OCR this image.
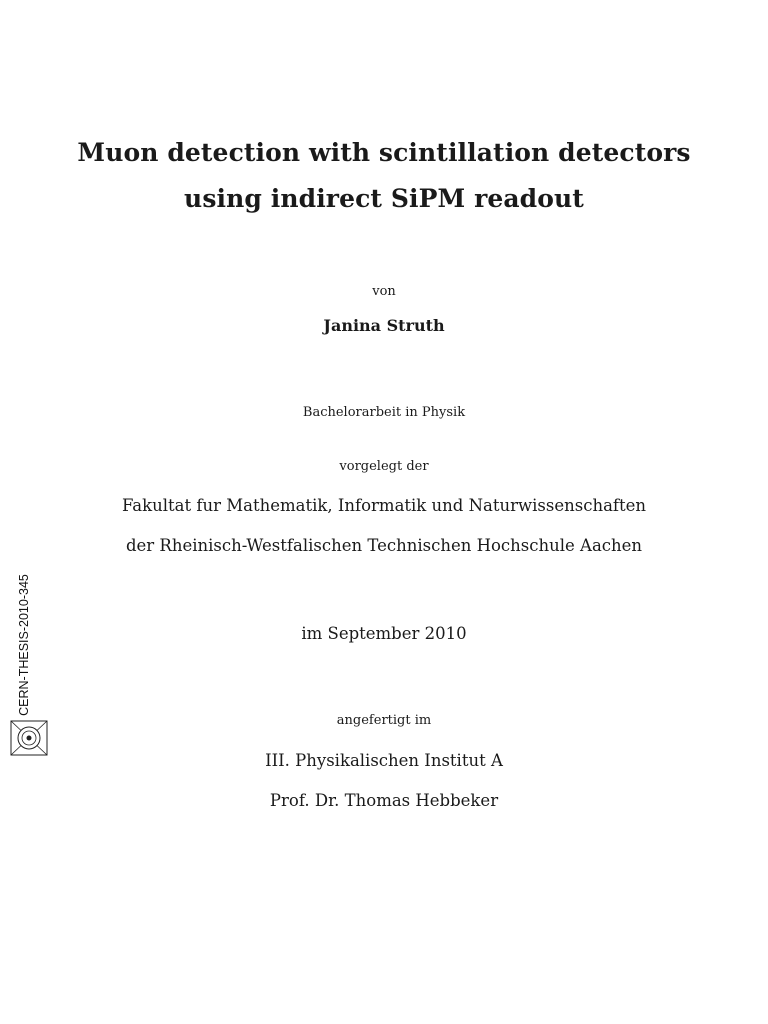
Muon detection with scintillation detectors
using indirect SiPM readout
von
Janina Struth
Bachelorarbeit in Physik
vorgelegt der
Fakultat fur Mathematik, Informatik und Naturwissenschaften
der Rheinisch-Westfalischen Technischen Hochschule Aachen
im September 2010
angefertigt im
III. Physikalischen Institut A
Prof. Dr. Thomas Hebbeker
CERN-THESIS-2010-345
